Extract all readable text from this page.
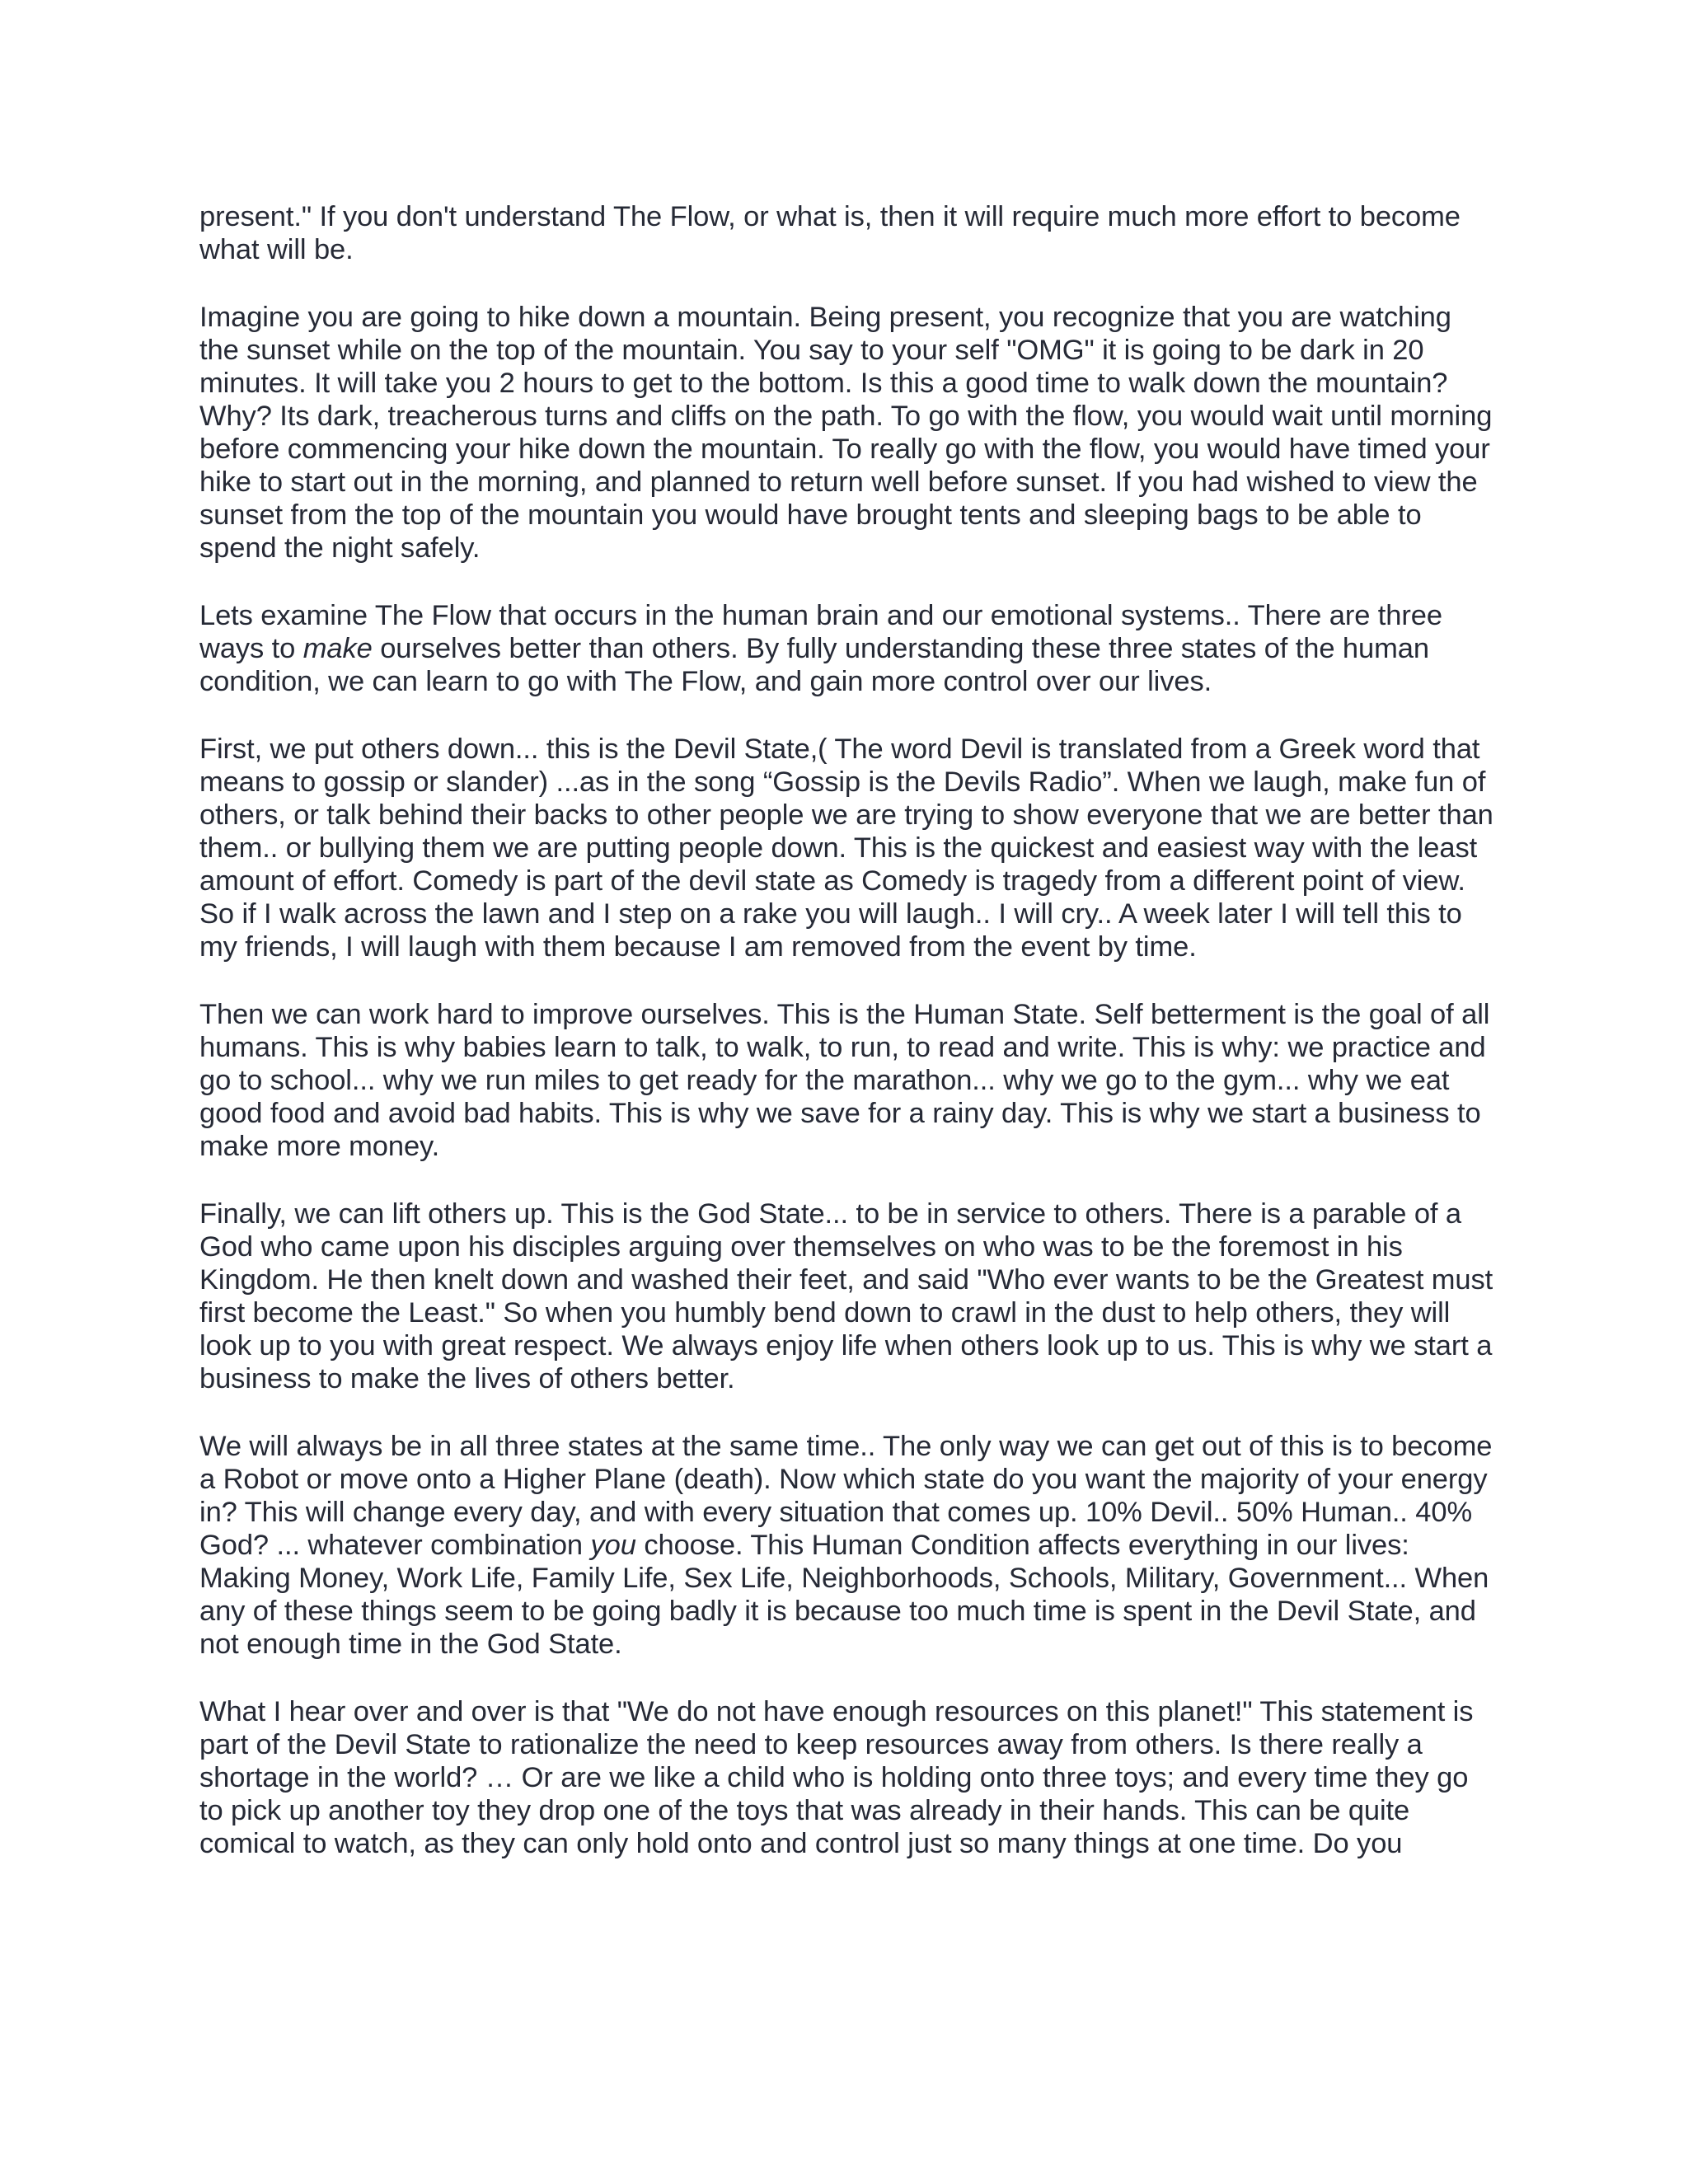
present." If you don't understand The Flow, or what is, then it will require much more effort to become what will be.

Imagine you are going to hike down a mountain. Being present, you recognize that you are watching the sunset while on the top of the mountain. You say to your self "OMG" it is going to be dark in 20 minutes. It will take you 2 hours to get to the bottom. Is this a good time to walk down the mountain? Why? Its dark, treacherous turns and cliffs on the path. To go with the flow, you would wait until morning before commencing your hike down the mountain. To really go with the flow, you would have timed your hike to start out in the morning, and planned to return well before sunset. If you had wished to view the sunset from the top of the mountain you would have brought tents and sleeping bags to be able to spend the night safely.

Lets examine The Flow that occurs in the human brain and our emotional systems.. There are three ways to make ourselves better than others. By fully understanding these three states of the human condition, we can learn to go with The Flow, and gain more control over our lives.

First, we put others down... this is the Devil State,( The word Devil is translated from a Greek word that means to gossip or slander) ...as in the song “Gossip is the Devils Radio”. When we laugh, make fun of others, or talk behind their backs to other people we are trying to show everyone that we are better than them.. or bullying them we are putting people down. This is the quickest and easiest way with the least amount of effort. Comedy is part of the devil state as Comedy is tragedy from a different point of view. So if I walk across the lawn and I step on a rake you will laugh.. I will cry.. A week later I will tell this to my friends, I will laugh with them because I am removed from the event by time.

Then we can work hard to improve ourselves. This is the Human State. Self betterment is the goal of all humans. This is why babies learn to talk, to walk, to run, to read and write. This is why: we practice and go to school... why we run miles to get ready for the marathon... why we go to the gym... why we eat good food and avoid bad habits. This is why we save for a rainy day. This is why we start a business to make more money.

Finally, we can lift others up. This is the God State... to be in service to others. There is a parable of a God who came upon his disciples arguing over themselves on who was to be the foremost in his Kingdom. He then knelt down and washed their feet, and said "Who ever wants to be the Greatest must first become the Least." So when you humbly bend down to crawl in the dust to help others, they will look up to you with great respect. We always enjoy life when others look up to us. This is why we start a business to make the lives of others better.

We will always be in all three states at the same time.. The only way we can get out of this is to become a Robot or move onto a Higher Plane (death). Now which state do you want the majority of your energy in? This will change every day, and with every situation that comes up. 10% Devil.. 50% Human.. 40% God? ... whatever combination you choose. This Human Condition affects everything in our lives: Making Money, Work Life, Family Life, Sex Life, Neighborhoods, Schools, Military, Government... When any of these things seem to be going badly it is because too much time is spent in the Devil State, and not enough time in the God State.

What I hear over and over is that "We do not have enough resources on this planet!" This statement is part of the Devil State to rationalize the need to keep resources away from others. Is there really a shortage in the world? … Or are we like a child who is holding onto three toys; and every time they go to pick up another toy they drop one of the toys that was already in their hands. This can be quite comical to watch, as they can only hold onto and control just so many things at one time. Do you
